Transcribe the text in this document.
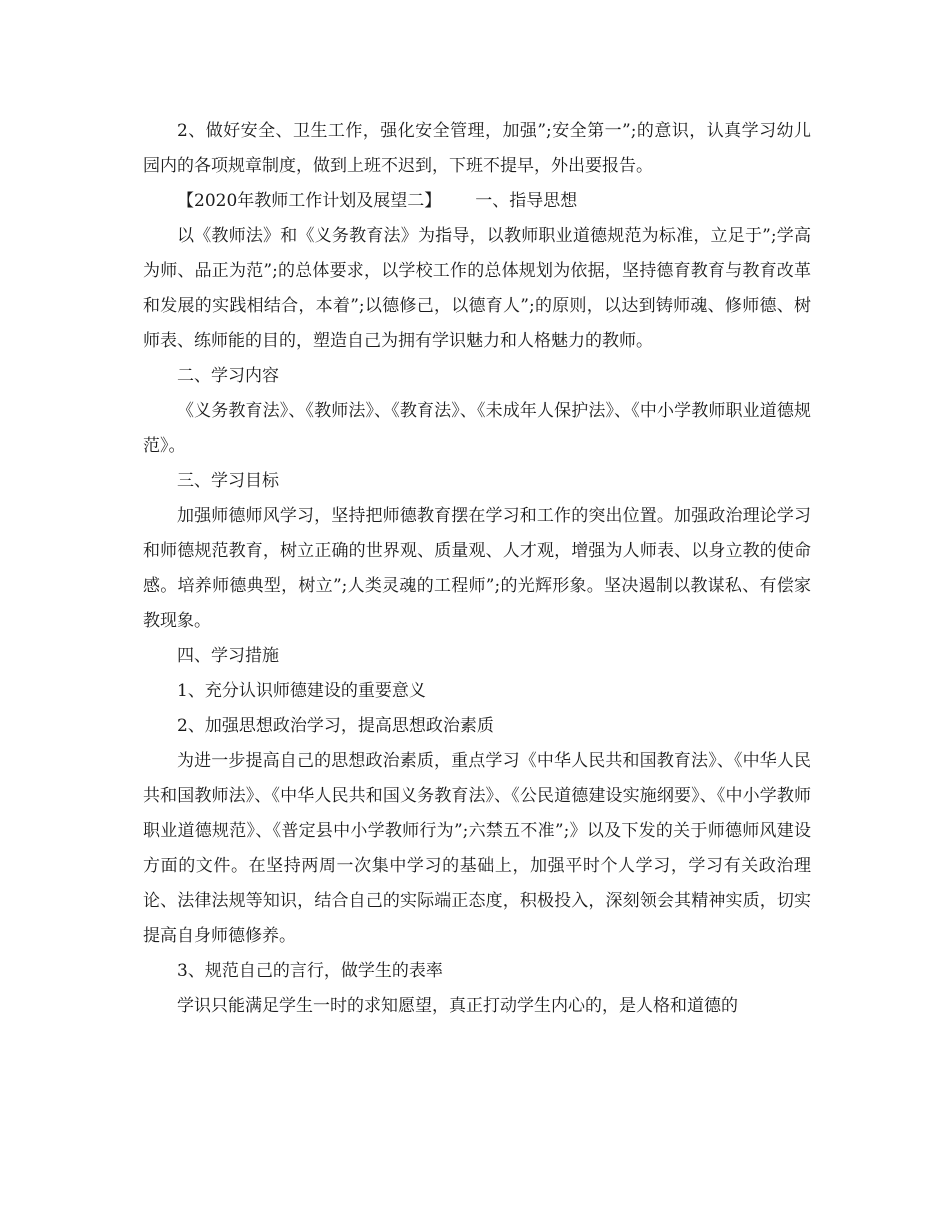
2、做好安全、卫生工作，强化安全管理，加强”;安全第一”;的意识，认真学习幼儿园内的各项规章制度，做到上班不迟到，下班不提早，外出要报告。

【2020年教师工作计划及展望二】 一、指导思想

以《教师法》和《义务教育法》为指导，以教师职业道德规范为标准，立足于”;学高为师、品正为范”;的总体要求，以学校工作的总体规划为依据，坚持德育教育与教育改革和发展的实践相结合，本着”;以德修己，以德育人”;的原则，以达到铸师魂、修师德、树师表、练师能的目的，塑造自己为拥有学识魅力和人格魅力的教师。

二、学习内容

《义务教育法》、《教师法》、《教育法》、《未成年人保护法》、《中小学教师职业道德规范》。

三、学习目标

加强师德师风学习，坚持把师德教育摆在学习和工作的突出位置。加强政治理论学习和师德规范教育，树立正确的世界观、质量观、人才观，增强为人师表、以身立教的使命感。培养师德典型，树立”;人类灵魂的工程师”;的光辉形象。坚决遏制以教谋私、有偿家教现象。

四、学习措施

1、充分认识师德建设的重要意义

2、加强思想政治学习，提高思想政治素质

为进一步提高自己的思想政治素质，重点学习《中华人民共和国教育法》、《中华人民共和国教师法》、《中华人民共和国义务教育法》、《公民道德建设实施纲要》、《中小学教师职业道德规范》、《普定县中小学教师行为”;六禁五不准”;》以及下发的关于师德师风建设方面的文件。在坚持两周一次集中学习的基础上，加强平时个人学习，学习有关政治理论、法律法规等知识，结合自己的实际端正态度，积极投入，深刻领会其精神实质，切实提高自身师德修养。

3、规范自己的言行，做学生的表率

学识只能满足学生一时的求知愿望，真正打动学生内心的，是人格和道德的
